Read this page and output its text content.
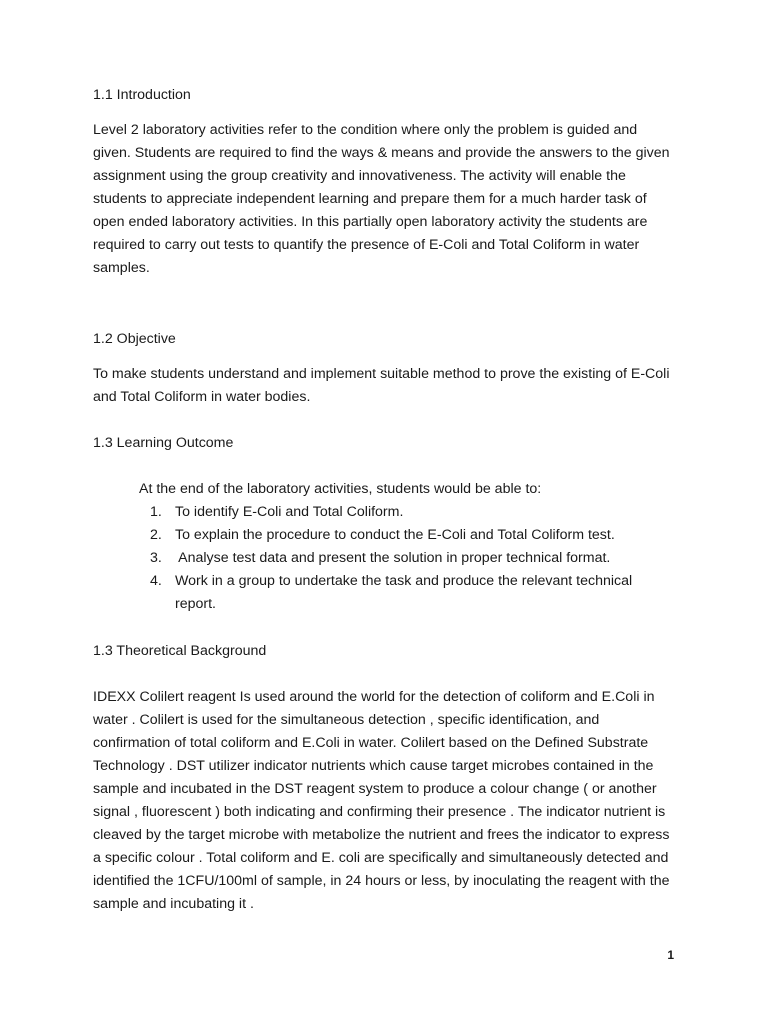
1.1 Introduction

Level 2 laboratory activities refer to the condition where only the problem is guided and

given. Students are required to find the ways & means and provide the answers to the given

assignment using the group creativity and innovativeness. The activity will enable the

students to appreciate independent learning and prepare them for a much harder task of

open ended laboratory activities. In this partially open laboratory activity the students are

required to carry out tests to quantify the presence of E-Coli and Total Coliform in water

samples.

1.2 Objective

To make students understand and implement suitable method to prove the existing of E-Coli

and Total Coliform in water bodies.

1.3 Learning Outcome

At the end of the laboratory activities, students would be able to:

1. To identify E-Coli and Total Coliform.
2. To explain the procedure to conduct the E-Coli and Total Coliform test.
3. Analyse test data and present the solution in proper technical format.
4. Work in a group to undertake the task and produce the relevant technical
report.

1.3 Theoretical Background

IDEXX Colilert reagent Is used around the world for the detection of coliform and E.Coli in

water . Colilert is used for the simultaneous detection , specific identification, and

confirmation of total coliform and E.Coli in water. Colilert based on the Defined Substrate

Technology . DST utilizer indicator nutrients which cause target microbes contained in the

sample and incubated in the DST reagent system to produce a colour change ( or another

signal , fluorescent ) both indicating and confirming their presence . The indicator nutrient is

cleaved by the target microbe with metabolize the nutrient and frees the indicator to express

a specific colour . Total coliform and E. coli are specifically and simultaneously detected and

identified the 1CFU/100ml of sample, in 24 hours or less, by inoculating the reagent with the

sample and incubating it .

1
